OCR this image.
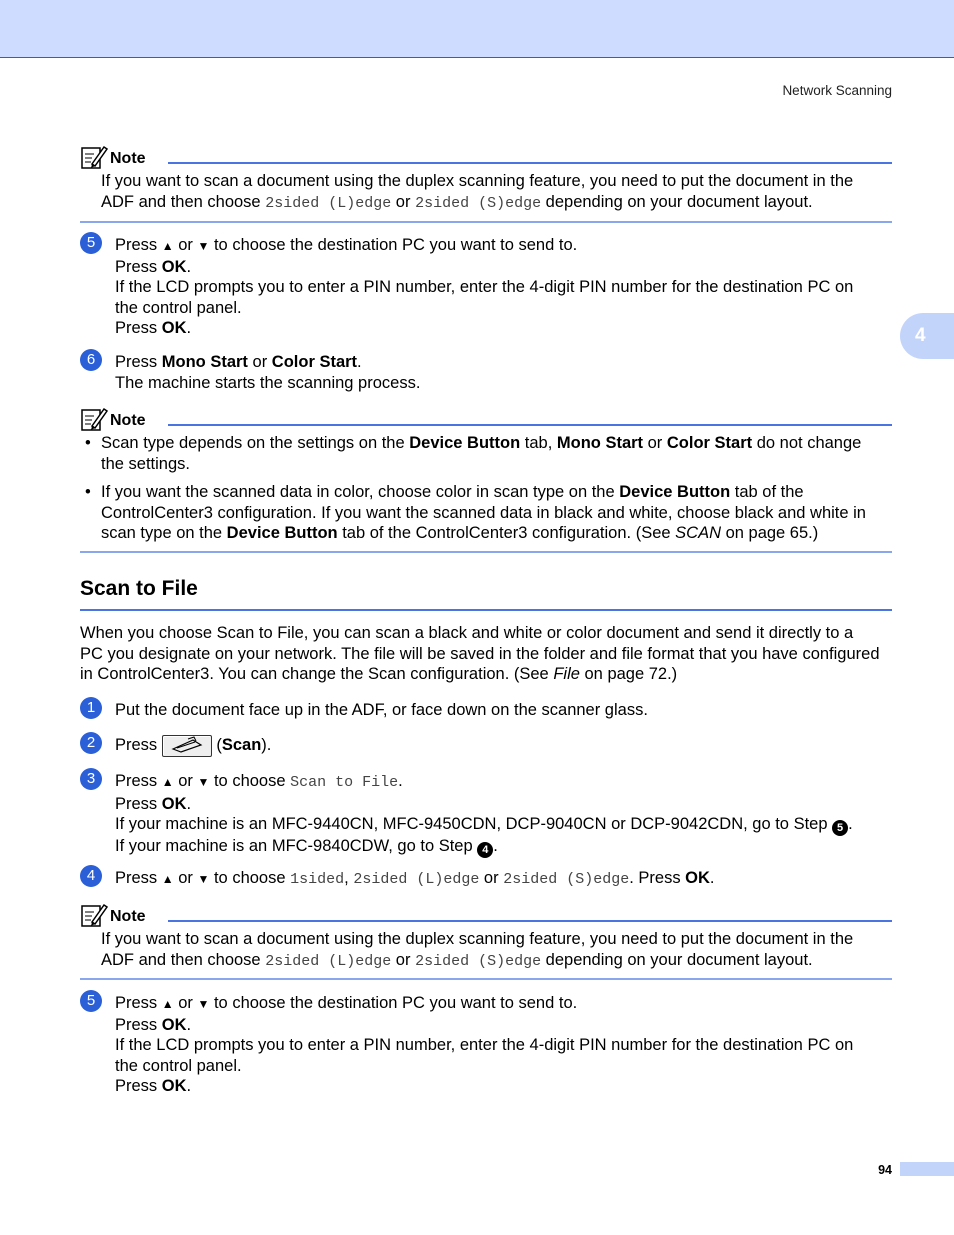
Network Scanning
4
Note
If you want to scan a document using the duplex scanning feature, you need to put the document in the
ADF and then choose 2sided (L)edge or 2sided (S)edge depending on your document layout.
5	Press ▲ or ▼ to choose the destination PC you want to send to.
Press OK.
If the LCD prompts you to enter a PIN number, enter the 4-digit PIN number for the destination PC on
the control panel.
Press OK.
6	Press Mono Start or Color Start.
The machine starts the scanning process.
Note
• Scan type depends on the settings on the Device Button tab, Mono Start or Color Start do not change
the settings.
• If you want the scanned data in color, choose color in scan type on the Device Button tab of the
ControlCenter3 configuration. If you want the scanned data in black and white, choose black and white in
scan type on the Device Button tab of the ControlCenter3 configuration. (See SCAN on page 65.)
Scan to File
When you choose Scan to File, you can scan a black and white or color document and send it directly to a
PC you designate on your network. The file will be saved in the folder and file format that you have configured
in ControlCenter3. You can change the Scan configuration. (See File on page 72.)
1	Put the document face up in the ADF, or face down on the scanner glass.
2	Press	(Scan).
3	Press ▲ or ▼ to choose Scan to File.
Press OK.
If your machine is an MFC-9440CN, MFC-9450CDN, DCP-9040CN or DCP-9042CDN, go to Step 5 .
If your machine is an MFC-9840CDW, go to Step 4 .
4	Press ▲ or ▼ to choose 1sided, 2sided (L)edge or 2sided (S)edge. Press OK.
Note
If you want to scan a document using the duplex scanning feature, you need to put the document in the
ADF and then choose 2sided (L)edge or 2sided (S)edge depending on your document layout.
5	Press ▲ or ▼ to choose the destination PC you want to send to.
Press OK.
If the LCD prompts you to enter a PIN number, enter the 4-digit PIN number for the destination PC on
the control panel.
Press OK.
94
